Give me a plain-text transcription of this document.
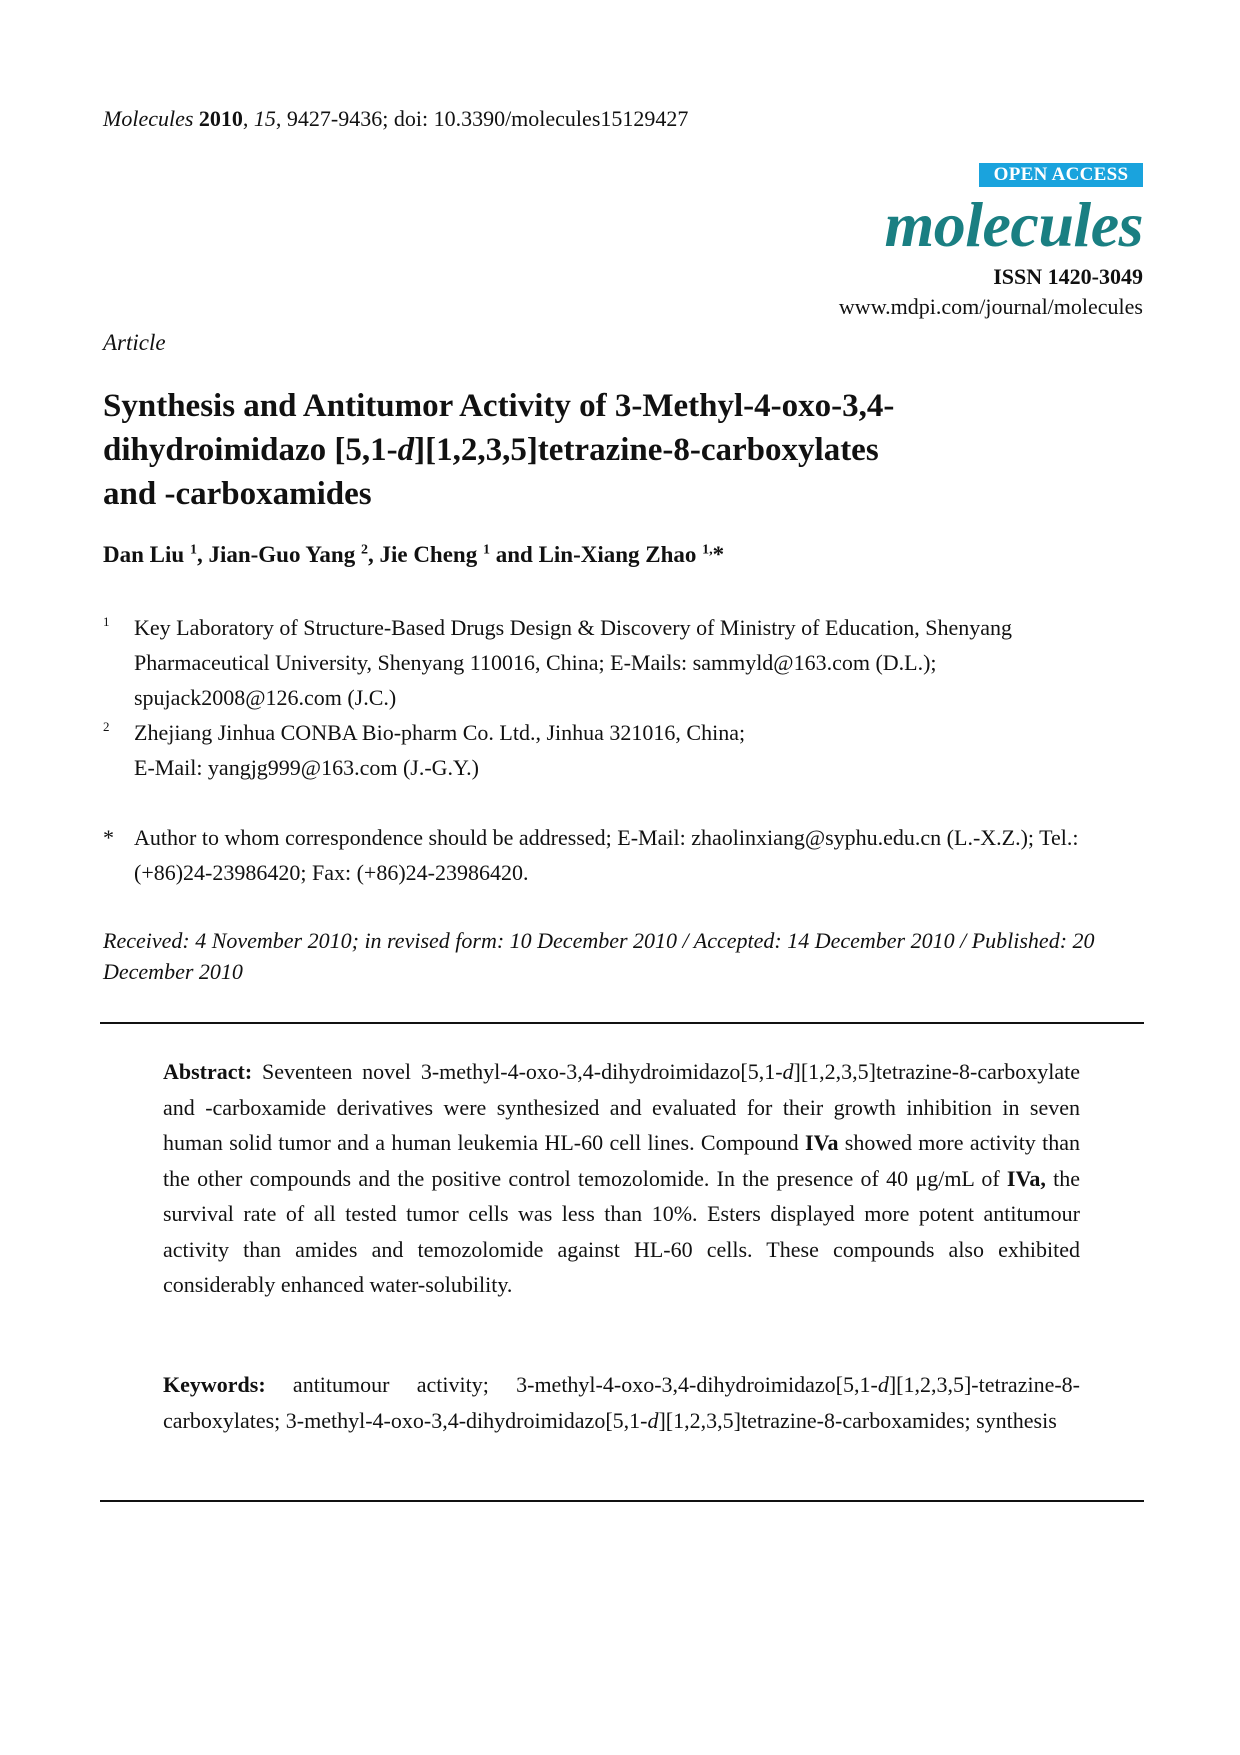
Molecules 2010, 15, 9427-9436; doi: 10.3390/molecules15129427
OPEN ACCESS
molecules
ISSN 1420-3049
www.mdpi.com/journal/molecules
Article
Synthesis and Antitumor Activity of 3-Methyl-4-oxo-3,4-
dihydroimidazo [5,1-d][1,2,3,5]tetrazine-8-carboxylates
and -carboxamides
Dan Liu $^1$, Jian-Guo Yang $^2$, Jie Cheng $^1$ and Lin-Xiang Zhao $^{1,}$*
1 Key Laboratory of Structure-Based Drugs Design & Discovery of Ministry of Education, Shenyang Pharmaceutical University, Shenyang 110016, China; E-Mails: sammyld@163.com (D.L.); spujack2008@126.com (J.C.)
2 Zhejiang Jinhua CONBA Bio-pharm Co. Ltd., Jinhua 321016, China;
E-Mail: yangjg999@163.com (J.-G.Y.)
* Author to whom correspondence should be addressed; E-Mail: zhaolinxiang@syphu.edu.cn (L.-X.Z.); Tel.: (+86)24-23986420; Fax: (+86)24-23986420.
Received: 4 November 2010; in revised form: 10 December 2010 / Accepted: 14 December 2010 / Published: 20 December 2010
Abstract: Seventeen novel 3-methyl-4-oxo-3,4-dihydroimidazo[5,1-d][1,2,3,5]tetrazine-8-carboxylate and -carboxamide derivatives were synthesized and evaluated for their growth inhibition in seven human solid tumor and a human leukemia HL-60 cell lines. Compound IVa showed more activity than the other compounds and the positive control temozolomide. In the presence of 40 μg/mL of IVa, the survival rate of all tested tumor cells was less than 10%. Esters displayed more potent antitumour activity than amides and temozolomide against HL-60 cells. These compounds also exhibited considerably enhanced water-solubility.
Keywords: antitumour activity; 3-methyl-4-oxo-3,4-dihydroimidazo[5,1-d][1,2,3,5]-tetrazine-8-carboxylates; 3-methyl-4-oxo-3,4-dihydroimidazo[5,1-d][1,2,3,5]tetrazine-8-carboxamides; synthesis
